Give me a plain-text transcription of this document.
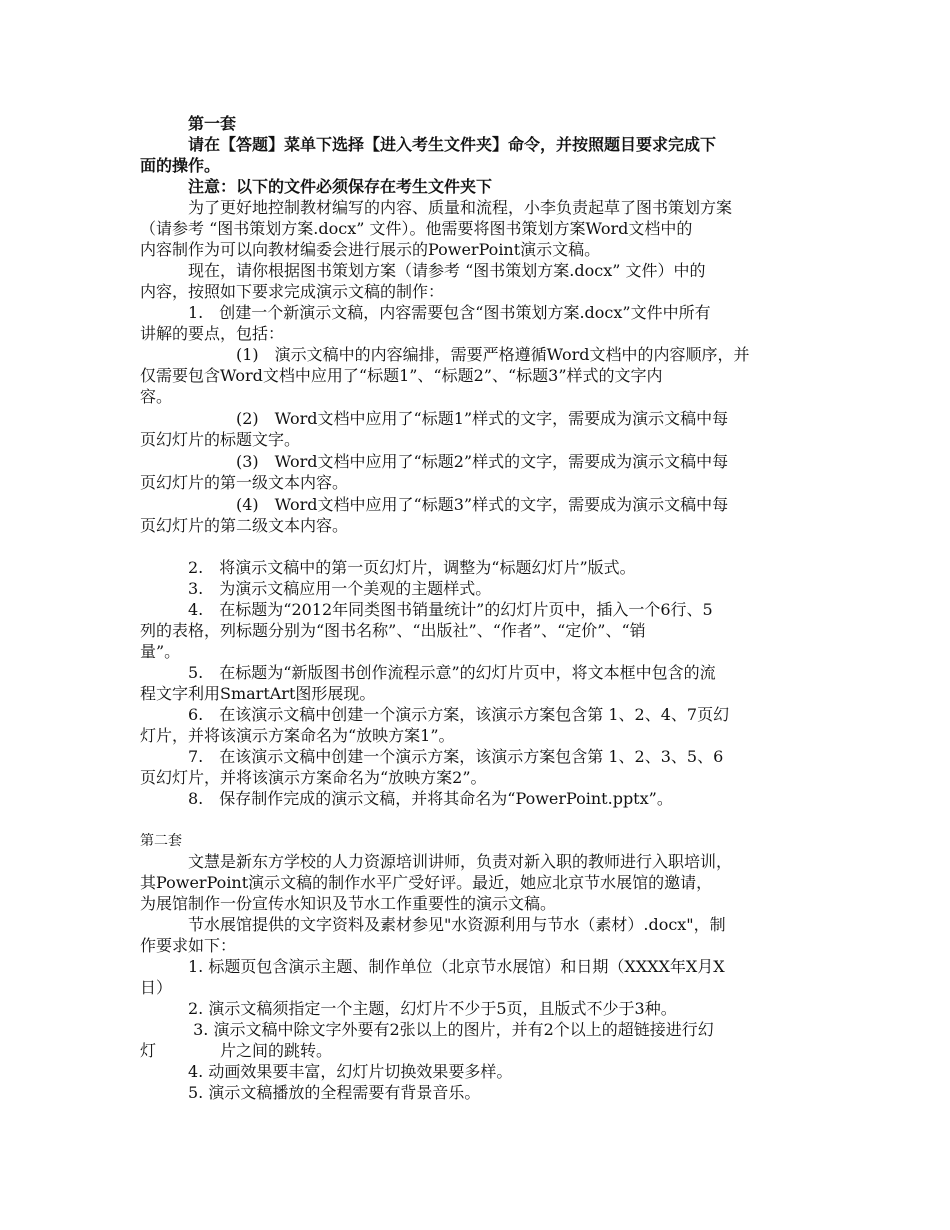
　　　第一套
　　　请在【答题】菜单下选择【进入考生文件夹】命令，并按照题目要求完成下
面的操作。
　　　注意：以下的文件必须保存在考生文件夹下
　　　为了更好地控制教材编写的内容、质量和流程，小李负责起草了图书策划方案
（请参考 “图书策划方案.docx” 文件）。他需要将图书策划方案Word文档中的
内容制作为可以向教材编委会进行展示的PowerPoint演示文稿。
　　　现在，请你根据图书策划方案（请参考 “图书策划方案.docx” 文件）中的
内容，按照如下要求完成演示文稿的制作：
　　　1.　创建一个新演示文稿，内容需要包含“图书策划方案.docx”文件中所有
讲解的要点，包括：
　　　　　　(1)　演示文稿中的内容编排，需要严格遵循Word文档中的内容顺序，并
仅需要包含Word文档中应用了“标题1”、“标题2”、“标题3”样式的文字内
容。
　　　　　　(2)　Word文档中应用了“标题1”样式的文字，需要成为演示文稿中每
页幻灯片的标题文字。
　　　　　　(3)　Word文档中应用了“标题2”样式的文字，需要成为演示文稿中每
页幻灯片的第一级文本内容。
　　　　　　(4)　Word文档中应用了“标题3”样式的文字，需要成为演示文稿中每
页幻灯片的第二级文本内容。
　　　2.　将演示文稿中的第一页幻灯片，调整为“标题幻灯片”版式。
　　　3.　为演示文稿应用一个美观的主题样式。
　　　4.　在标题为“2012年同类图书销量统计”的幻灯片页中，插入一个6行、5
列的表格，列标题分别为“图书名称”、“出版社”、“作者”、“定价”、“销
量”。
　　　5.　在标题为“新版图书创作流程示意”的幻灯片页中，将文本框中包含的流
程文字利用SmartArt图形展现。
　　　6.　在该演示文稿中创建一个演示方案，该演示方案包含第 1、2、4、7页幻
灯片，并将该演示方案命名为“放映方案1”。
　　　7.　在该演示文稿中创建一个演示方案，该演示方案包含第 1、2、3、5、6
页幻灯片，并将该演示方案命名为“放映方案2”。
　　　8.　保存制作完成的演示文稿，并将其命名为“PowerPoint.pptx”。
第二套
　　　文慧是新东方学校的人力资源培训讲师，负责对新入职的教师进行入职培训，
其PowerPoint演示文稿的制作水平广受好评。最近，她应北京节水展馆的邀请，
为展馆制作一份宣传水知识及节水工作重要性的演示文稿。
　　　节水展馆提供的文字资料及素材参见"水资源利用与节水（素材）.docx"，制
作要求如下：
　　　1. 标题页包含演示主题、制作单位（北京节水展馆）和日期（XXXX年X月X
日）
　　　2. 演示文稿须指定一个主题，幻灯片不少于5页，且版式不少于3种。
　　　 3. 演示文稿中除文字外要有2张以上的图片，并有2个以上的超链接进行幻
灯　　　　片之间的跳转。
　　　4. 动画效果要丰富，幻灯片切换效果要多样。
　　　5. 演示文稿播放的全程需要有背景音乐。
